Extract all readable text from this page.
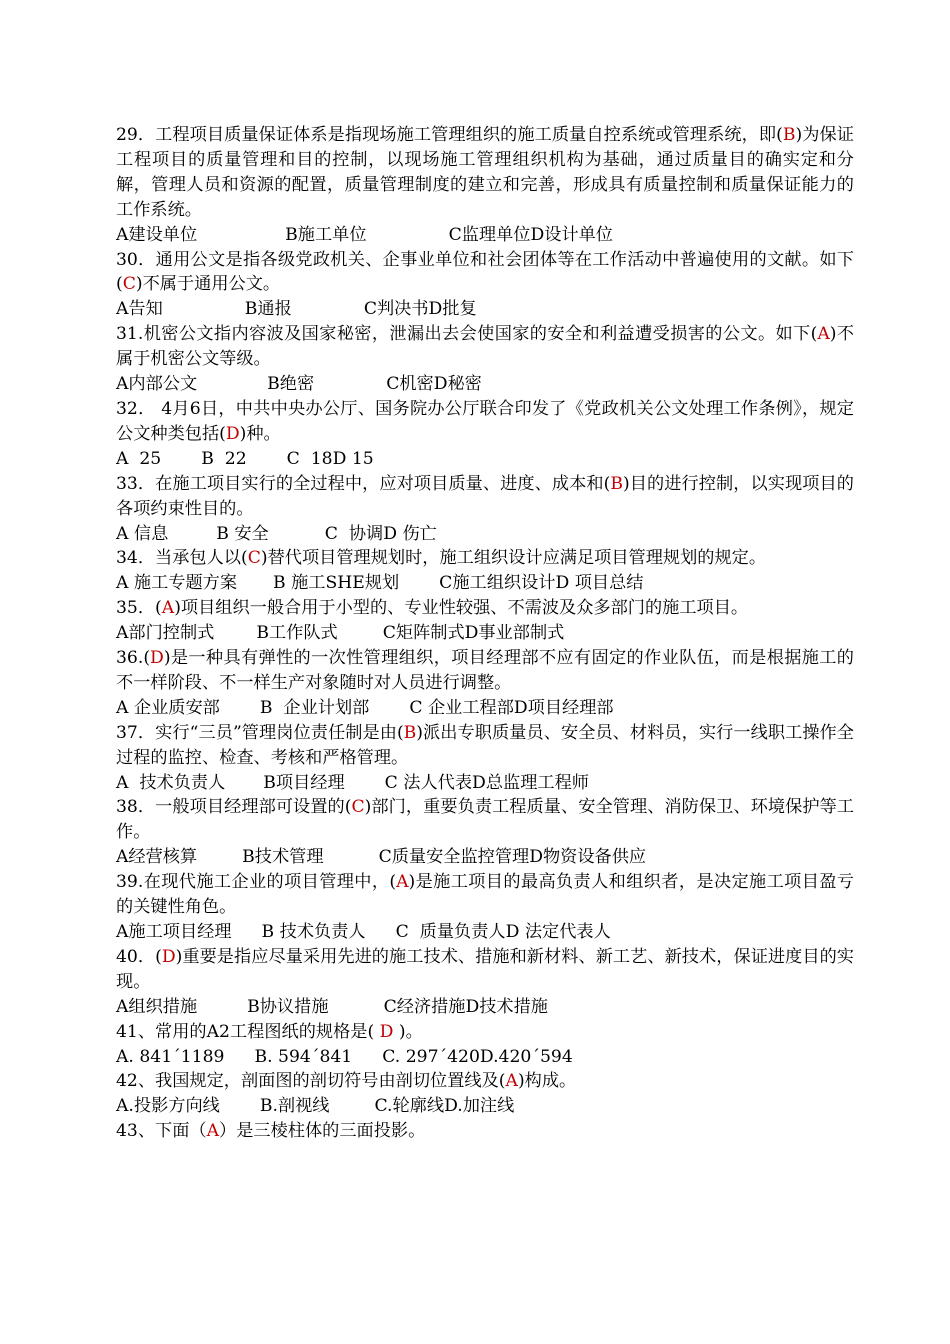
29．工程项目质量保证体系是指现场施工管理组织的施工质量自控系统或管理系统，即(B)为保证工程项目的质量管理和目的控制，以现场施工管理组织机构为基础，通过质量目的确实定和分解，管理人员和资源的配置，质量管理制度的建立和完善，形成具有质量控制和质量保证能力的工作系统。

A建设单位	B施工单位	C监理单位D设计单位

30．通用公文是指各级党政机关、企事业单位和社会团体等在工作活动中普遍使用的文献。如下(C)不属于通用公文。

A告知	B通报	C判决书D批复

31.机密公文指内容波及国家秘密，泄漏出去会使国家的安全和利益遭受损害的公文。如下(A)不属于机密公文等级。

A内部公文	B绝密	C机密D秘密

32． 4月6日，中共中央办公厅、国务院办公厅联合印发了《党政机关公文处理工作条例》，规定公文种类包括(D)种。

A  25 B  22 C  18D 15

33．在施工项目实行的全过程中，应对项目质量、进度、成本和(B)目的进行控制，以实现项目的各项约束性目的。

A 信息	B 安全	C  协调D 伤亡

34．当承包人以(C)替代项目管理规划时，施工组织设计应满足项目管理规划的规定。

A 施工专题方案 B 施工SHE规划 C施工组织设计D 项目总结

35．(A)项目组织一般合用于小型的、专业性较强、不需波及众多部门的施工项目。

A部门控制式 B工作队式	C矩阵制式D事业部制式

36.(D)是一种具有弹性的一次性管理组织，项目经理部不应有固定的作业队伍，而是根据施工的不一样阶段、不一样生产对象随时对人员进行调整。

A 企业质安部 B  企业计划部 C 企业工程部D项目经理部

37．实行“三员”管理岗位责任制是由(B)派出专职质量员、安全员、材料员，实行一线职工操作全过程的监控、检查、考核和严格管理。

A  技术负责人 B项目经理 C 法人代表D总监理工程师

38．一般项目经理部可设置的(C)部门，重要负责工程质量、安全管理、消防保卫、环境保护等工作。

A经营核算	B技术管理	C质量安全监控管理D物资设备供应

39.在现代施工企业的项目管理中，(A)是施工项目的最高负责人和组织者，是决定施工项目盈亏的关键性角色。

A施工项目经理 B 技术负责人 C  质量负责人D 法定代表人

40．(D)重要是指应尽量采用先进的施工技术、措施和新材料、新工艺、新技术，保证进度目的实现。

A组织措施	B协议措施	C经济措施D技术措施

41、常用的A2工程图纸的规格是( D )。

A. 841´1189 B. 594´841 C. 297´420D.420´594

42、我国规定，剖面图的剖切符号由剖切位置线及(A)构成。

A.投影方向线 B.剖视线	C.轮廓线D.加注线

43、下面（A）是三棱柱体的三面投影。
